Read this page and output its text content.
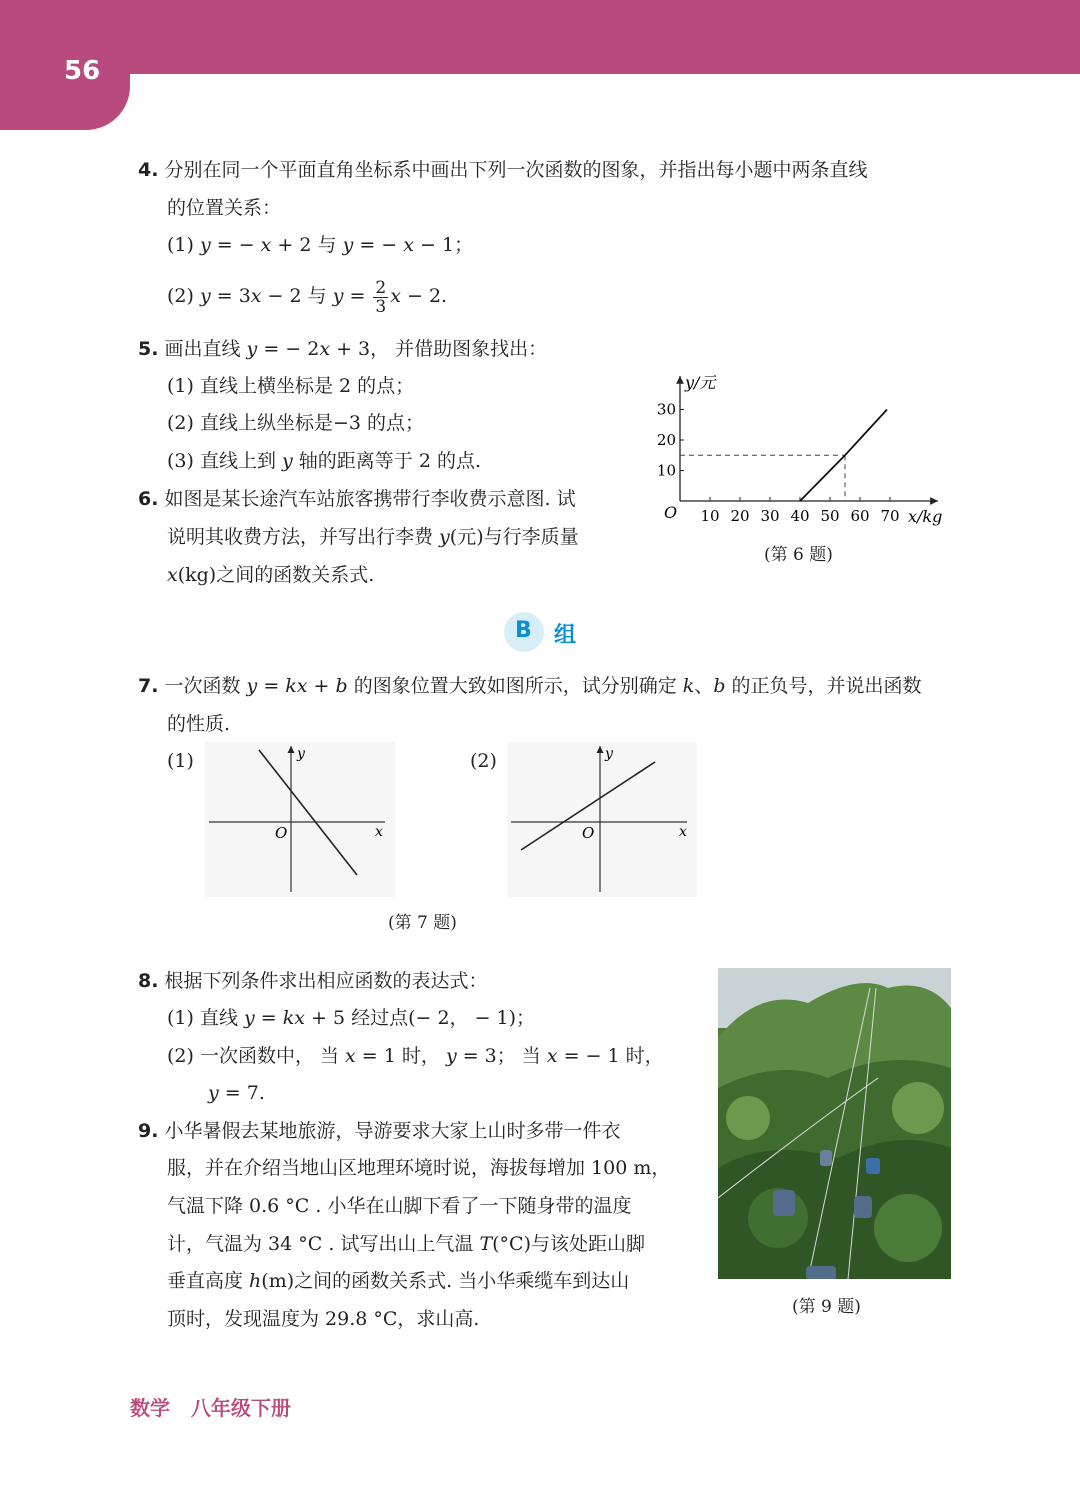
56
4. 分别在同一个平面直角坐标系中画出下列一次函数的图象，并指出每小题中两条直线
的位置关系：
(1) y = − x + 2 与 y = − x − 1；
(2) y = 3x − 2 与 $y = \frac{2}{3}$ x − 2.
5. 画出直线 y = − 2x + 3， 并借助图象找出：
(1) 直线上横坐标是 2 的点；
(2) 直线上纵坐标是−3 的点；
(3) 直线上到 y 轴的距离等于 2 的点.
6. 如图是某长途汽车站旅客携带行李收费示意图. 试
说明其收费方法，并写出行李费 y(元)与行李质量
x(kg)之间的函数关系式.
y/元
x/kg
O 10 20 30 40 50 60 70
10
20
30
(第 6 题)
B 组
7. 一次函数 y = kx + b 的图象位置大致如图所示，试分别确定 k、b 的正负号，并说出函数
的性质.
(1)	y
x
O
(2)	y
x
O
(第 7 题)
8. 根据下列条件求出相应函数的表达式：
(1) 直线 y = kx + 5 经过点(− 2， − 1)；
(2) 一次函数中， 当 x = 1 时， y = 3； 当 x = − 1 时，
y = 7.
9. 小华暑假去某地旅游，导游要求大家上山时多带一件衣
服，并在介绍当地山区地理环境时说，海拔每增加 100 m，
气温下降 0.6 °C . 小华在山脚下看了一下随身带的温度
计，气温为 34 °C . 试写出山上气温 T(°C)与该处距山脚
垂直高度 h(m)之间的函数关系式. 当小华乘缆车到达山
顶时，发现温度为 29.8 °C，求山高.
(第 9 题)
数学   八年级下册
